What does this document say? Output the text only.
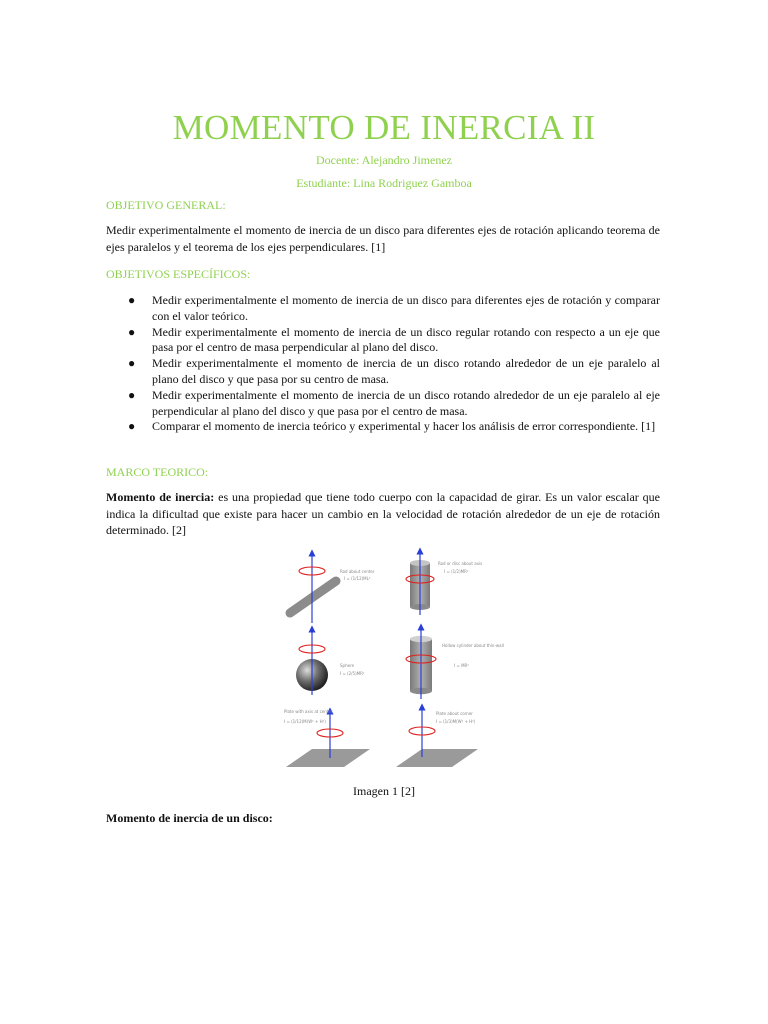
MOMENTO DE INERCIA II
Docente: Alejandro Jimenez
Estudiante: Lina Rodriguez Gamboa
OBJETIVO GENERAL:

Medir experimentalmente el momento de inercia de un disco para diferentes ejes de rotación aplicando teorema de ejes paralelos y el teorema de los ejes perpendiculares. [1]

OBJETIVOS ESPECÍFICOS:
● Medir experimentalmente el momento de inercia de un disco para diferentes ejes de rotación y comparar con el valor teórico.
● Medir experimentalmente el momento de inercia de un disco regular rotando con respecto a un eje que pasa por el centro de masa perpendicular al plano del disco.
● Medir experimentalmente el momento de inercia de un disco rotando alrededor de un eje paralelo al plano del disco y que pasa por su centro de masa.
● Medir experimentalmente el momento de inercia de un disco rotando alrededor de un eje paralelo al eje perpendicular al plano del disco y que pasa por el centro de masa.
● Comparar el momento de inercia teórico y experimental y hacer los análisis de error correspondiente. [1]
MARCO TEORICO:

Momento de inercia: es una propiedad que tiene todo cuerpo con la capacidad de girar. Es un valor escalar que indica la dificultad que existe para hacer un cambio en la velocidad de rotación alrededor de un eje de rotación determinado. [2]

Rod about center
I = (1/12)ML²
Rod or disc about axis
I = (1/2)MR²
Sphere
I = (2/5)MR²
Hollow cylinder about thin-wall
I = MR²
Plate with axis at center
I = (1/12)M(W² + H²)
Plate about corner
I = (1/3)M(W² + H²)
Imagen 1 [2]
Momento de inercia de un disco:
